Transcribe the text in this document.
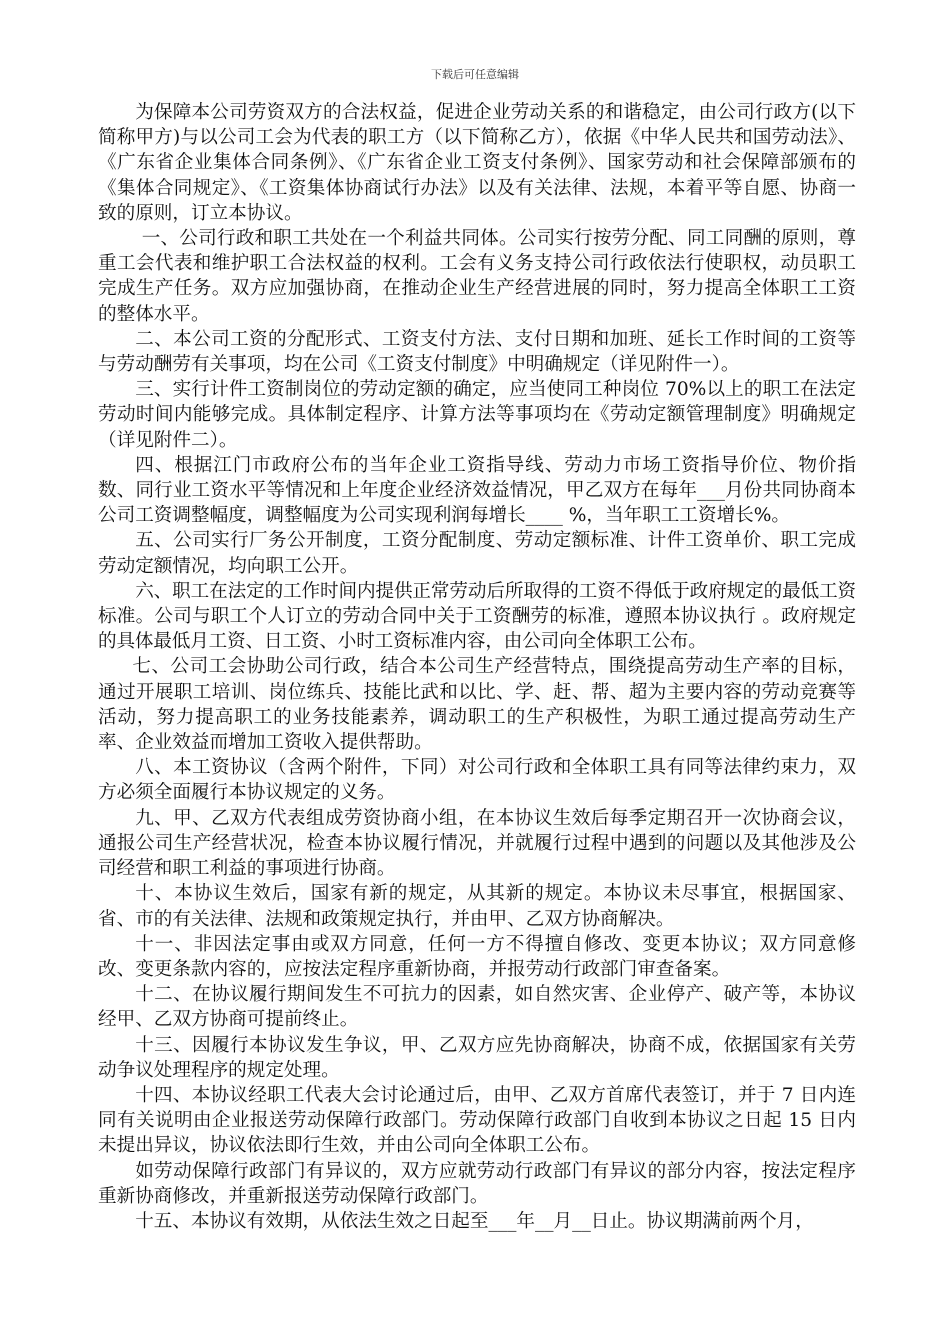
下载后可任意编辑

为保障本公司劳资双方的合法权益，促进企业劳动关系的和谐稳定，由公司行政方(以下简称甲方)与以公司工会为代表的职工方（以下简称乙方），依据《中华人民共和国劳动法》、《广东省企业集体合同条例》、《广东省企业工资支付条例》、国家劳动和社会保障部颁布的《集体合同规定》、《工资集体协商试行办法》以及有关法律、法规，本着平等自愿、协商一致的原则，订立本协议。

一、公司行政和职工共处在一个利益共同体。公司实行按劳分配、同工同酬的原则，尊重工会代表和维护职工合法权益的权利。工会有义务支持公司行政依法行使职权，动员职工完成生产任务。双方应加强协商，在推动企业生产经营进展的同时，努力提高全体职工工资的整体水平。

二、本公司工资的分配形式、工资支付方法、支付日期和加班、延长工作时间的工资等与劳动酬劳有关事项，均在公司《工资支付制度》中明确规定（详见附件一）。

三、实行计件工资制岗位的劳动定额的确定，应当使同工种岗位 70%以上的职工在法定劳动时间内能够完成。具体制定程序、计算方法等事项均在《劳动定额管理制度》明确规定（详见附件二）。

四、根据江门市政府公布的当年企业工资指导线、劳动力市场工资指导价位、物价指数、同行业工资水平等情况和上年度企业经济效益情况，甲乙双方在每年___月份共同协商本公司工资调整幅度，调整幅度为公司实现利润每增长____ %，当年职工工资增长%。

五、公司实行厂务公开制度，工资分配制度、劳动定额标准、计件工资单价、职工完成劳动定额情况，均向职工公开。

六、职工在法定的工作时间内提供正常劳动后所取得的工资不得低于政府规定的最低工资标准。公司与职工个人订立的劳动合同中关于工资酬劳的标准，遵照本协议执行 。政府规定的具体最低月工资、日工资、小时工资标准内容，由公司向全体职工公布。

七、公司工会协助公司行政，结合本公司生产经营特点，围绕提高劳动生产率的目标，通过开展职工培训、岗位练兵、技能比武和以比、学、赶、帮、超为主要内容的劳动竞赛等活动，努力提高职工的业务技能素养，调动职工的生产积极性，为职工通过提高劳动生产率、企业效益而增加工资收入提供帮助。

八、本工资协议（含两个附件，下同）对公司行政和全体职工具有同等法律约束力，双方必须全面履行本协议规定的义务。

九、甲、乙双方代表组成劳资协商小组，在本协议生效后每季定期召开一次协商会议，通报公司生产经营状况，检查本协议履行情况，并就履行过程中遇到的问题以及其他涉及公司经营和职工利益的事项进行协商。

十、本协议生效后，国家有新的规定，从其新的规定。本协议未尽事宜，根据国家、省、市的有关法律、法规和政策规定执行，并由甲、乙双方协商解决。

十一、非因法定事由或双方同意，任何一方不得擅自修改、变更本协议；双方同意修改、变更条款内容的，应按法定程序重新协商，并报劳动行政部门审查备案。

十二、在协议履行期间发生不可抗力的因素，如自然灾害、企业停产、破产等，本协议经甲、乙双方协商可提前终止。

十三、因履行本协议发生争议，甲、乙双方应先协商解决，协商不成，依据国家有关劳动争议处理程序的规定处理。

十四、本协议经职工代表大会讨论通过后，由甲、乙双方首席代表签订，并于 7 日内连同有关说明由企业报送劳动保障行政部门。劳动保障行政部门自收到本协议之日起 15 日内未提出异议，协议依法即行生效，并由公司向全体职工公布。

如劳动保障行政部门有异议的，双方应就劳动行政部门有异议的部分内容，按法定程序重新协商修改，并重新报送劳动保障行政部门。

十五、本协议有效期，从依法生效之日起至___年__月__日止。协议期满前两个月，
